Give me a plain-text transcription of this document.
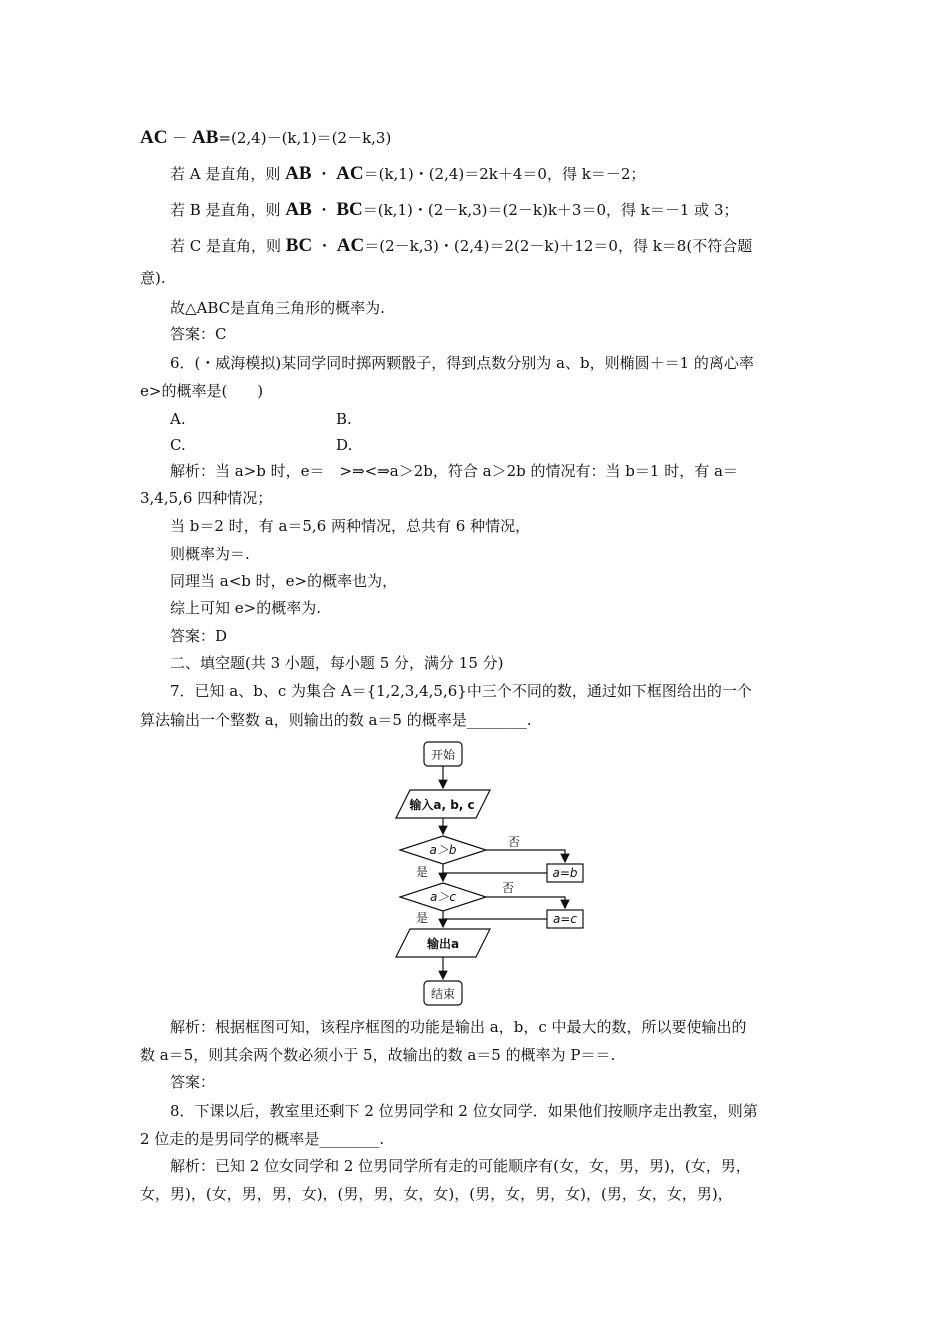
AC － AB=(2,4)－(k,1)＝(2－k,3)
若 A 是直角，则 AB ・ AC＝(k,1)・(2,4)＝2k＋4＝0，得 k＝－2；
若 B 是直角，则 AB ・ BC＝(k,1)・(2－k,3)＝(2－k)k＋3＝0，得 k＝－1 或 3；
若 C 是直角，则 BC ・ AC＝(2－k,3)・(2,4)＝2(2－k)＋12＝0，得 k＝8(不符合题
意).
故△ABC是直角三角形的概率为.
答案：C
6．(・威海模拟)某同学同时掷两颗骰子，得到点数分别为 a、b，则椭圆＋＝1 的离心率
e>的概率是(　　)
A.	B.
C.	D.
解析：当 a>b 时，e＝　>⇒<⇒a＞2b，符合 a＞2b 的情况有：当 b＝1 时，有 a＝
3,4,5,6 四种情况；
当 b＝2 时，有 a＝5,6 两种情况，总共有 6 种情况，
则概率为＝.
同理当 a<b 时，e>的概率也为，
综上可知 e>的概率为.
答案：D
二、填空题(共 3 小题，每小题 5 分，满分 15 分)
7．已知 a、b、c 为集合 A＝{1,2,3,4,5,6}中三个不同的数，通过如下框图给出的一个
算法输出一个整数 a，则输出的数 a＝5 的概率是________.
开始
输入a, b, c
a＞b
否
a=b
是
a＞c
否
a=c
是
输出a
结束
解析：根据框图可知，该程序框图的功能是输出 a，b，c 中最大的数，所以要使输出的
数 a＝5，则其余两个数必须小于 5，故输出的数 a＝5 的概率为 P＝＝.
答案：
8．下课以后，教室里还剩下 2 位男同学和 2 位女同学．如果他们按顺序走出教室，则第
2 位走的是男同学的概率是________.
解析：已知 2 位女同学和 2 位男同学所有走的可能顺序有(女，女，男，男)，(女，男，
女，男)，(女，男，男，女)，(男，男，女，女)，(男，女，男，女)，(男，女，女，男)，
